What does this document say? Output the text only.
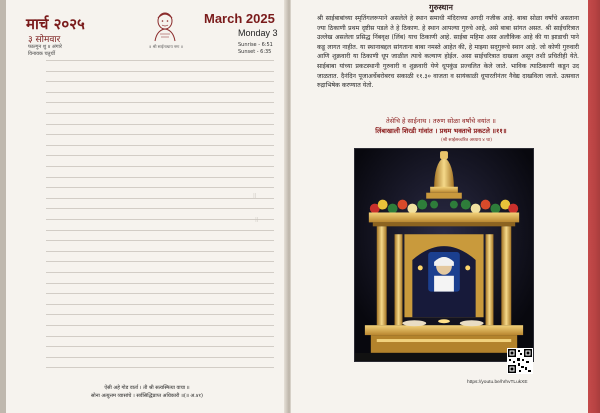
मार्च २०२५
३ सोमवार
फाल्गुन शु ४ अंगारे
विनायक चतुर्थी
॥ श्री साईनाथाय नमः ॥
March 2025
Monday 3
Sunrise - 6:51
Sunset - 6:35
॥
॥
ऐसी अहे गोड वार्ता । ती श्री सत्यस्मित्या वाचा ॥
सोना अत्युत्तम व्यासांचे । सर्वसिद्धिप्राप्त अधिकारी ॥(॥ अ.४१)
गुरुस्थान
श्री साईबाबांच्या स्मृतिंगलरूपाने असलेले हे स्थान समाधी मंदिराच्या अगदी नजीक आहे. बाबा सोळा वर्षांचे असताना ज्या ठिकाणी प्रथम दृष्टीस पडले ते हे ठिकाण. हे स्थान आपल्या गुरुचे आहे, असे बाबा सांगत असत. श्री साईचरित्रात उल्लेख असलेला प्रसिद्ध निंबवृक्ष (लिंब) याच ठिकाणी आहे. साईबा महिमा असा अलौकिक आहे की या झाडाची पाने कडू लागत नाहीत. या स्थानाबद्दल सांगताना बाबा नमस्ते आहेत की, हे माझ्या सद्‌गुरूचे स्थान आहे. जो कोणी गुरुवारी आणि शुक्रवारी या ठिकाणी धूप जाळील त्याचे कल्याण होईल. असा साईचरित्रात दाखला असून तशी प्रचितीही येते. साईबाबा यांच्या प्रकटस्थानी गुरुवारी व शुक्रवारी येणे धूपकुंड प्रज्वलित केले जाते. भाविक त्याठिकाणी कडून उद जाळतात. दैनंदिन पूजाअर्चेबरोबरच सकाळी ११.३० वाजता व सायंकाळी धूपारतीनंतर नैवेद्य दाखविला जातो. उत्सवात रुद्राभिषेक करण्यात येतो.
तेसेचि हे साईनाथ । तरुण सोळा वर्षांचे वयांत ॥
लिंबाखाली शिरडी गांवांत । प्रथम भक्ताचे प्रकटले ॥११॥
(श्री साईसच्चरित्र अध्याय ४ था)
https://youtu.be/hrhvTLukXE
